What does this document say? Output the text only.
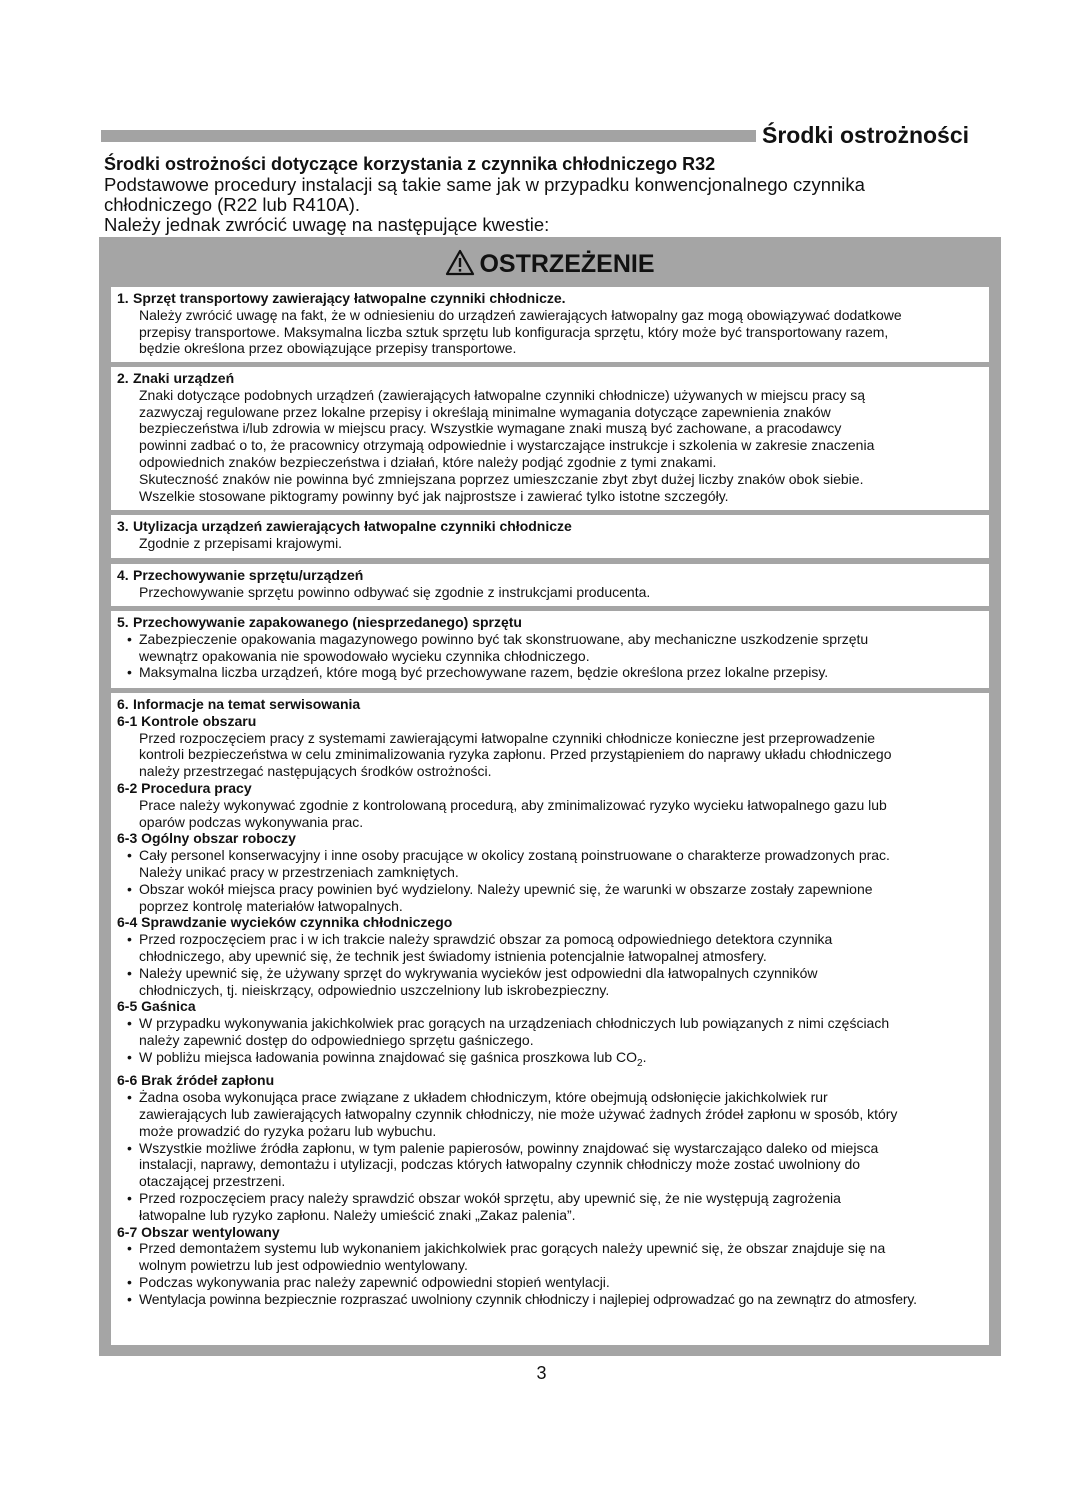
Środki ostrożności

Środki ostrożności dotyczące korzystania z czynnika chłodniczego R32

Podstawowe procedury instalacji są takie same jak w przypadku konwencjonalnego czynnika

chłodniczego (R22 lub R410A).

Należy jednak zwrócić uwagę na następujące kwestie:

OSTRZEŻENIE

1. Sprzęt transportowy zawierający łatwopalne czynniki chłodnicze.

Należy zwrócić uwagę na fakt, że w odniesieniu do urządzeń zawierających łatwopalny gaz mogą obowiązywać dodatkowe

przepisy transportowe. Maksymalna liczba sztuk sprzętu lub konfiguracja sprzętu, który może być transportowany razem,

będzie określona przez obowiązujące przepisy transportowe.

2. Znaki urządzeń

Znaki dotyczące podobnych urządzeń (zawierających łatwopalne czynniki chłodnicze) używanych w miejscu pracy są

zazwyczaj regulowane przez lokalne przepisy i określają minimalne wymagania dotyczące zapewnienia znaków

bezpieczeństwa i/lub zdrowia w miejscu pracy. Wszystkie wymagane znaki muszą być zachowane, a pracodawcy

powinni zadbać o to, że pracownicy otrzymają odpowiednie i wystarczające instrukcje i szkolenia w zakresie znaczenia

odpowiednich znaków bezpieczeństwa i działań, które należy podjąć zgodnie z tymi znakami.

Skuteczność znaków nie powinna być zmniejszana poprzez umieszczanie zbyt zbyt dużej liczby znaków obok siebie.

Wszelkie stosowane piktogramy powinny być jak najprostsze i zawierać tylko istotne szczegóły.

3. Utylizacja urządzeń zawierających łatwopalne czynniki chłodnicze

Zgodnie z przepisami krajowymi.

4. Przechowywanie sprzętu/urządzeń

Przechowywanie sprzętu powinno odbywać się zgodnie z instrukcjami producenta.

5. Przechowywanie zapakowanego (niesprzedanego) sprzętu

• Zabezpieczenie opakowania magazynowego powinno być tak skonstruowane, aby mechaniczne uszkodzenie sprzętu
wewnątrz opakowania nie spowodowało wycieku czynnika chłodniczego.

• Maksymalna liczba urządzeń, które mogą być przechowywane razem, będzie określona przez lokalne przepisy.

6. Informacje na temat serwisowania

6-1 Kontrole obszaru

Przed rozpoczęciem pracy z systemami zawierającymi łatwopalne czynniki chłodnicze konieczne jest przeprowadzenie

kontroli bezpieczeństwa w celu zminimalizowania ryzyka zapłonu. Przed przystąpieniem do naprawy układu chłodniczego

należy przestrzegać następujących środków ostrożności.

6-2 Procedura pracy

Prace należy wykonywać zgodnie z kontrolowaną procedurą, aby zminimalizować ryzyko wycieku łatwopalnego gazu lub

oparów podczas wykonywania prac.

6-3 Ogólny obszar roboczy

• Cały personel konserwacyjny i inne osoby pracujące w okolicy zostaną poinstruowane o charakterze prowadzonych prac.
Należy unikać pracy w przestrzeniach zamkniętych.

• Obszar wokół miejsca pracy powinien być wydzielony. Należy upewnić się, że warunki w obszarze zostały zapewnione
poprzez kontrolę materiałów łatwopalnych.

6-4 Sprawdzanie wycieków czynnika chłodniczego

• Przed rozpoczęciem prac i w ich trakcie należy sprawdzić obszar za pomocą odpowiedniego detektora czynnika
chłodniczego, aby upewnić się, że technik jest świadomy istnienia potencjalnie łatwopalnej atmosfery.

• Należy upewnić się, że używany sprzęt do wykrywania wycieków jest odpowiedni dla łatwopalnych czynników
chłodniczych, tj. nieiskrzący, odpowiednio uszczelniony lub iskrobezpieczny.

6-5 Gaśnica

• W przypadku wykonywania jakichkolwiek prac gorących na urządzeniach chłodniczych lub powiązanych z nimi częściach
należy zapewnić dostęp do odpowiedniego sprzętu gaśniczego.

• W pobliżu miejsca ładowania powinna znajdować się gaśnica proszkowa lub $CO_2$.

6-6 Brak źródeł zapłonu

• Żadna osoba wykonująca prace związane z układem chłodniczym, które obejmują odsłonięcie jakichkolwiek rur
zawierających lub zawierających łatwopalny czynnik chłodniczy, nie może używać żadnych źródeł zapłonu w sposób, który
może prowadzić do ryzyka pożaru lub wybuchu.

• Wszystkie możliwe źródła zapłonu, w tym palenie papierosów, powinny znajdować się wystarczająco daleko od miejsca
instalacji, naprawy, demontażu i utylizacji, podczas których łatwopalny czynnik chłodniczy może zostać uwolniony do
otaczającej przestrzeni.

• Przed rozpoczęciem pracy należy sprawdzić obszar wokół sprzętu, aby upewnić się, że nie występują zagrożenia
łatwopalne lub ryzyko zapłonu. Należy umieścić znaki „Zakaz palenia”.

6-7 Obszar wentylowany

• Przed demontażem systemu lub wykonaniem jakichkolwiek prac gorących należy upewnić się, że obszar znajduje się na
wolnym powietrzu lub jest odpowiednio wentylowany.

• Podczas wykonywania prac należy zapewnić odpowiedni stopień wentylacji.

• Wentylacja powinna bezpiecznie rozpraszać uwolniony czynnik chłodniczy i najlepiej odprowadzać go na zewnątrz do atmosfery.

3
